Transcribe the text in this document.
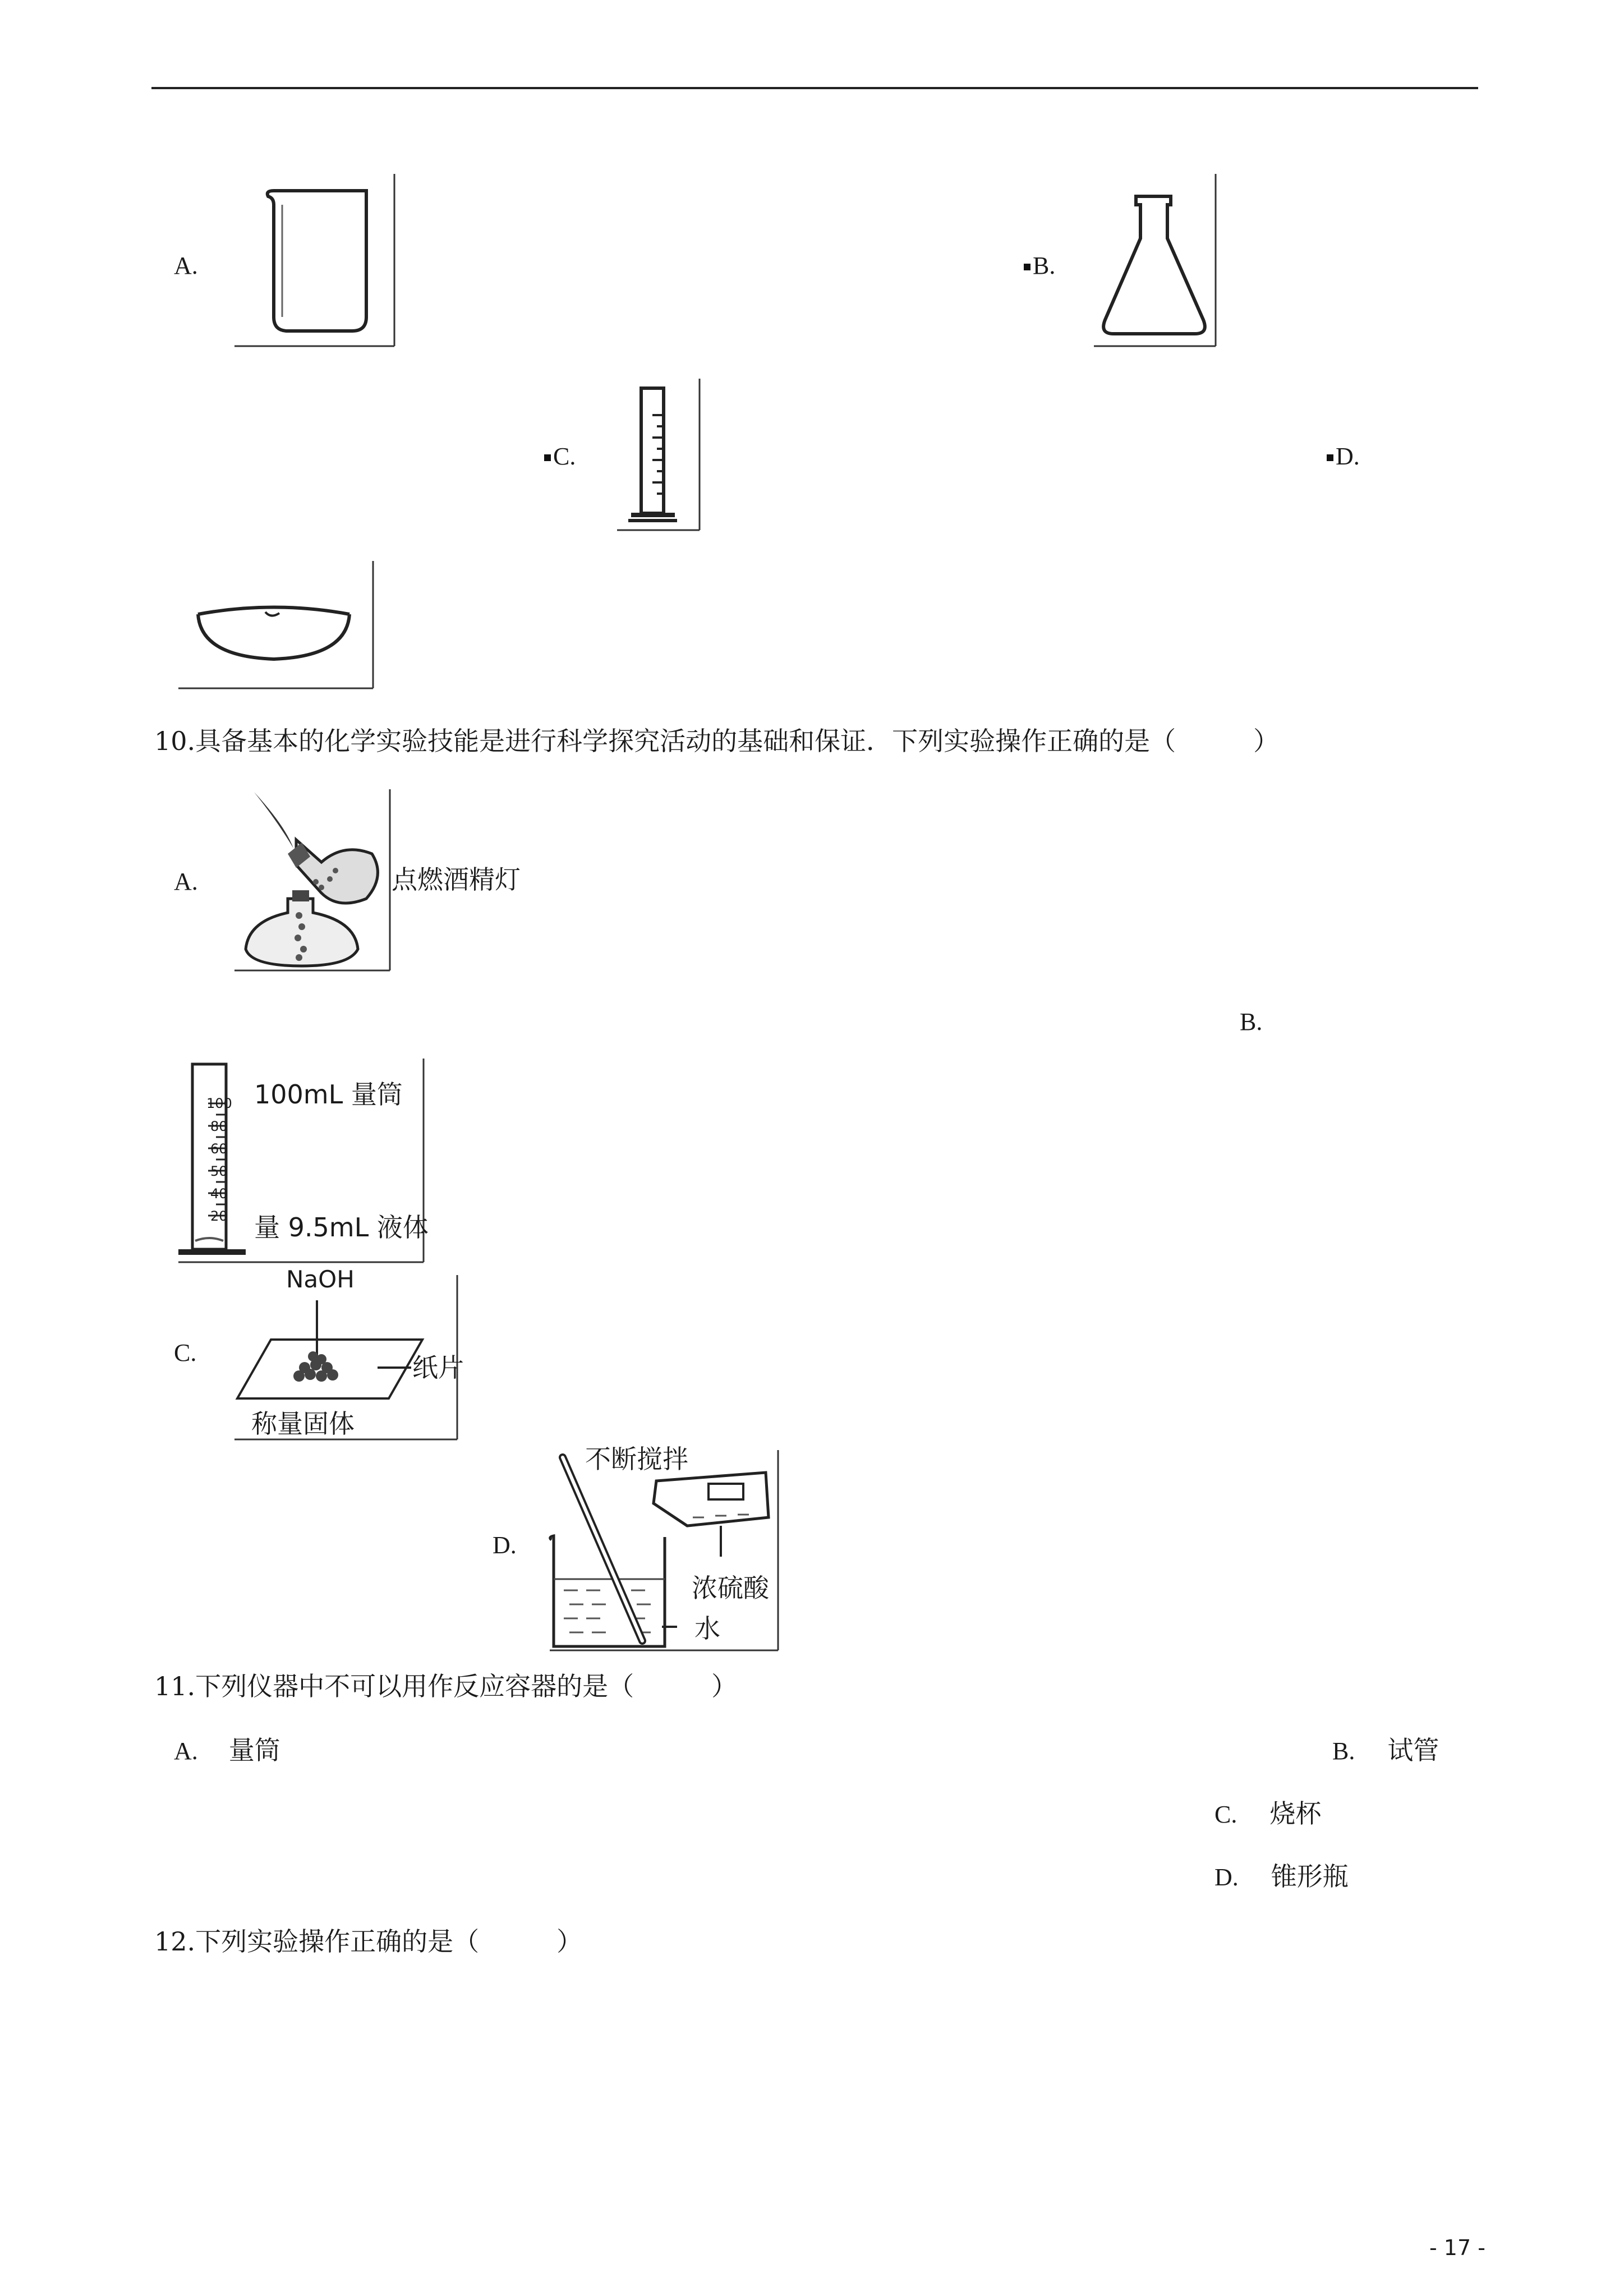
A.	B.
C.	D.
10.具备基本的化学实验技能是进行科学探究活动的基础和保证．下列实验操作正确的是（　　　）
A.	点燃酒精灯
B.
100
80
60
50
40
20
100mL 量筒
量 9.5mL 液体
C.
NaOH
纸片
称量固体
D.
不断搅拌
浓硫酸
水
11.下列仪器中不可以用作反应容器的是（　　　）
A. 量筒	B. 试管
C. 烧杯
D. 锥形瓶
12.下列实验操作正确的是（　　　）
- 17 -
